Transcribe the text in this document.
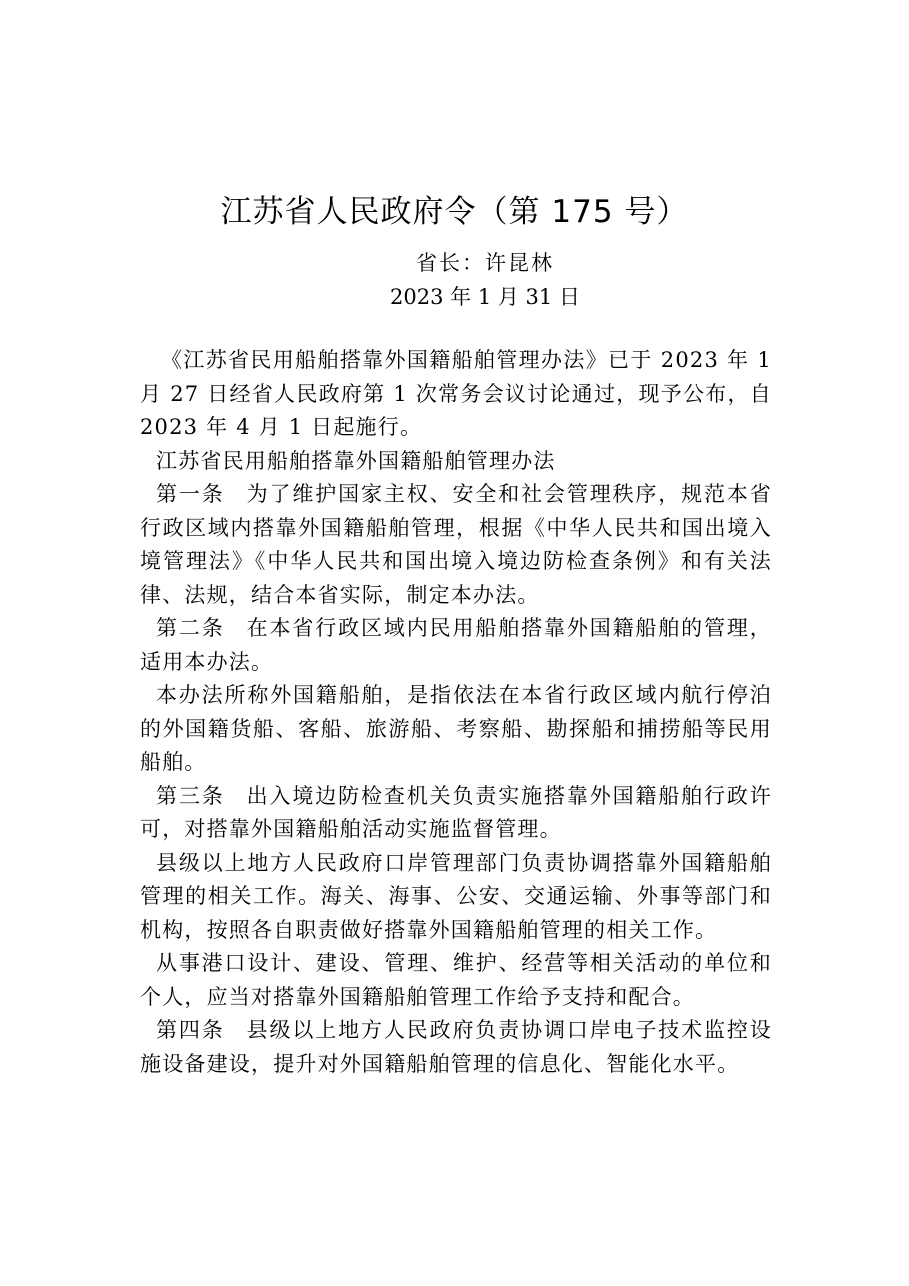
江苏省人民政府令（第 175 号）
省长：许昆林
2023 年 1 月 31 日

《江苏省民用船舶搭靠外国籍船舶管理办法》已于 2023 年 1 月 27 日经省人民政府第 1 次常务会议讨论通过，现予公布，自 2023 年 4 月 1 日起施行。

江苏省民用船舶搭靠外国籍船舶管理办法

第一条 为了维护国家主权、安全和社会管理秩序，规范本省行政区域内搭靠外国籍船舶管理，根据《中华人民共和国出境入境管理法》《中华人民共和国出境入境边防检查条例》和有关法律、法规，结合本省实际，制定本办法。

第二条 在本省行政区域内民用船舶搭靠外国籍船舶的管理，适用本办法。

本办法所称外国籍船舶，是指依法在本省行政区域内航行停泊的外国籍货船、客船、旅游船、考察船、勘探船和捕捞船等民用船舶。

第三条 出入境边防检查机关负责实施搭靠外国籍船舶行政许可，对搭靠外国籍船舶活动实施监督管理。

县级以上地方人民政府口岸管理部门负责协调搭靠外国籍船舶管理的相关工作。海关、海事、公安、交通运输、外事等部门和机构，按照各自职责做好搭靠外国籍船舶管理的相关工作。

从事港口设计、建设、管理、维护、经营等相关活动的单位和个人，应当对搭靠外国籍船舶管理工作给予支持和配合。

第四条 县级以上地方人民政府负责协调口岸电子技术监控设施设备建设，提升对外国籍船舶管理的信息化、智能化水平。
